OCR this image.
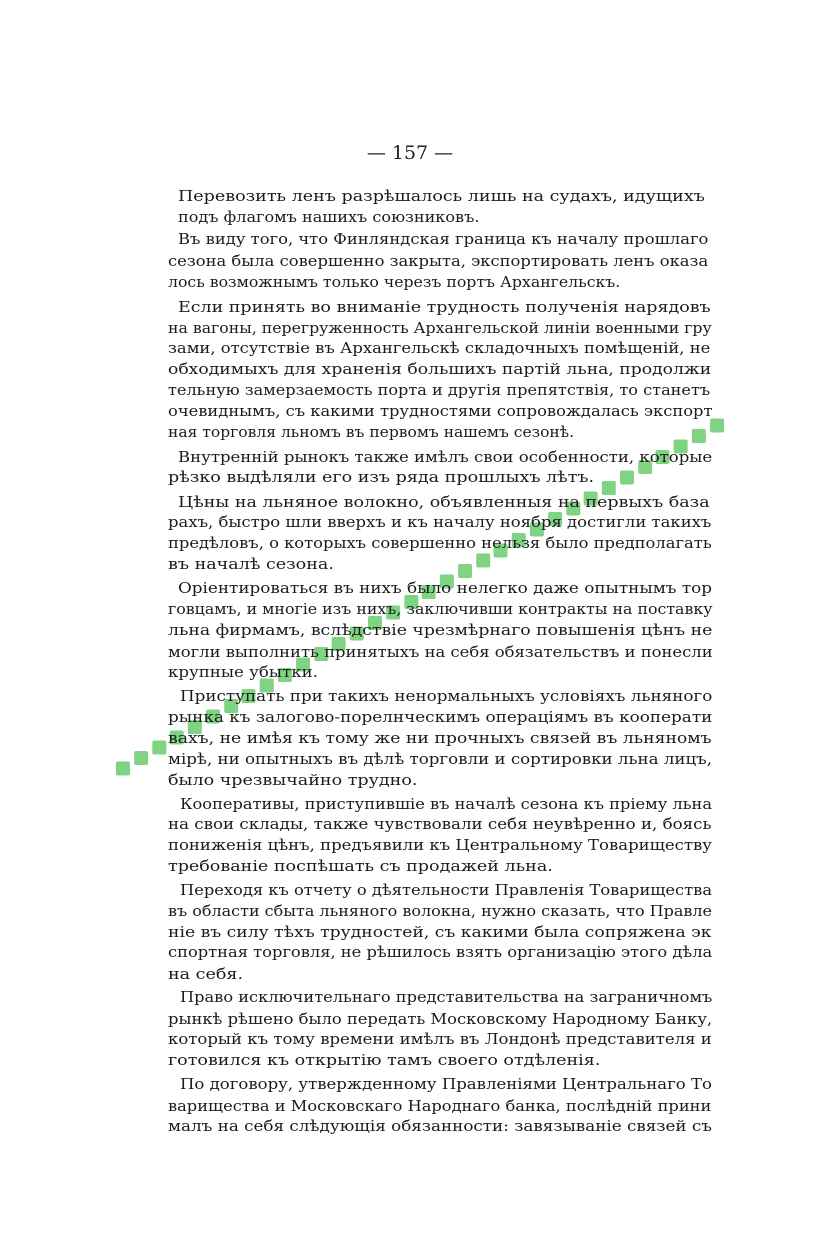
— 157 —
Перевозить ленъ разрѣшалось лишь на судахъ, идущихъ
подъ флагомъ нашихъ союзниковъ.
Въ виду того, что Финляндская граница къ началу прошлаго
сезона была совершенно закрыта, экспортировать ленъ оказа
лось возможнымъ только черезъ портъ Архангельскъ.
Если принять во вниманіе трудность полученія нарядовъ
на вагоны, перегруженность Архангельской линіи военными гру
зами, отсутствіе въ Архангельскѣ складочныхъ помѣщеній, не
обходимыхъ для храненія большихъ партій льна, продолжи
тельную замерзаемость порта и другія препятствія, то станетъ
очевиднымъ, съ какими трудностями сопровождалась экспорт
ная торговля льномъ въ первомъ нашемъ сезонѣ.
Внутренній рынокъ также имѣлъ свои особенности, которые
рѣзко выдѣляли его изъ ряда прошлыхъ лѣтъ.
Цѣны на льняное волокно, объявленныя на первыхъ база
рахъ, быстро шли вверхъ и къ началу ноября достигли такихъ
предѣловъ, о которыхъ совершенно нельзя было предполагать
въ началѣ сезона.
Оріентироваться въ нихъ было нелегко даже опытнымъ тор
говцамъ, и многіе изъ нихъ, заключивши контракты на поставку
льна фирмамъ, вслѣдствіе чрезмѣрнаго повышенія цѣнъ не
могли выполнить принятыхъ на себя обязательствъ и понесли
крупные убытки.
Приступать при такихъ ненормальныхъ условіяхъ льняного
рынка къ залогово-порелнческимъ операціямъ въ кооперати
вахъ, не имѣя къ тому же ни прочныхъ связей въ льняномъ
мірѣ, ни опытныхъ въ дѣлѣ торговли и сортировки льна лицъ,
было чрезвычайно трудно.
Кооперативы, приступившіе въ началѣ сезона къ пріему льна
на свои склады, также чувствовали себя неувѣренно и, боясь
пониженія цѣнъ, предъявили къ Центральному Товариществу
требованіе поспѣшать съ продажей льна.
Переходя къ отчету о дѣятельности Правленія Товарищества
въ области сбыта льняного волокна, нужно сказать, что Правле
ніе въ силу тѣхъ трудностей, съ какими была сопряжена эк
спортная торговля, не рѣшилось взять организацію этого дѣла
на себя.
Право исключительнаго представительства на заграничномъ
рынкѣ рѣшено было передать Московскому Народному Банку,
который къ тому времени имѣлъ въ Лондонѣ представителя и
готовился къ открытію тамъ своего отдѣленія.
По договору, утвержденному Правленіями Центральнаго То
варищества и Московскаго Народнаго банка, послѣдній прини
малъ на себя слѣдующія обязанности: завязываніе связей съ
